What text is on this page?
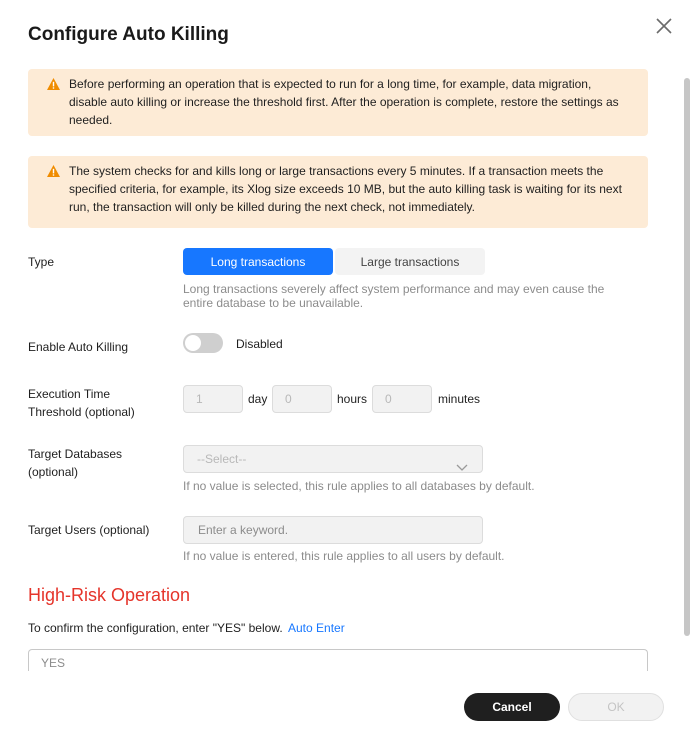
Configure Auto Killing
Before performing an operation that is expected to run for a long time, for example, data migration, disable auto killing or increase the threshold first. After the operation is complete, restore the settings as needed.
The system checks for and kills long or large transactions every 5 minutes. If a transaction meets the specified criteria, for example, its Xlog size exceeds 10 MB, but the auto killing task is waiting for its next run, the transaction will only be killed during the next check, not immediately.
Type	Long transactions	Large transactions
Long transactions severely affect system performance and may even cause the entire database to be unavailable.
Enable Auto Killing	Disabled
Execution Time Threshold (optional)
1	day	0	hours	0	minutes
Target Databases (optional)
--Select--
If no value is selected, this rule applies to all databases by default.
Target Users (optional)	Enter a keyword.
If no value is entered, this rule applies to all users by default.
High-Risk Operation
To confirm the configuration, enter "YES" below. Auto Enter
YES
Cancel	OK
